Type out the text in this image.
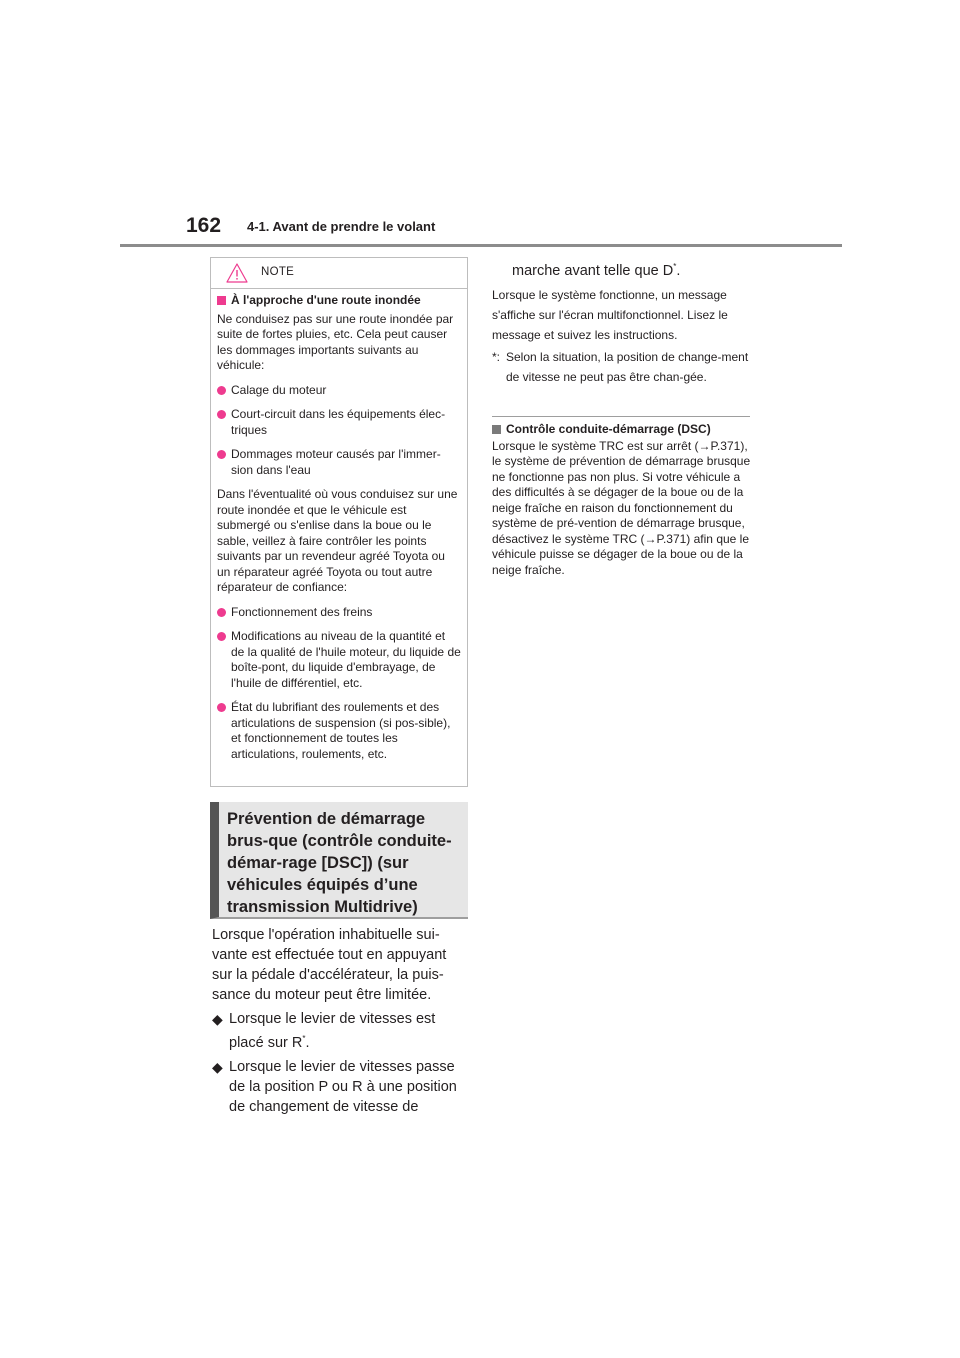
162 4-1. Avant de prendre le volant
NOTE
À l'approche d'une route inondée

Ne conduisez pas sur une route inondée par suite de fortes pluies, etc. Cela peut causer les dommages importants suivants au véhicule:

Calage du moteur
Court-circuit dans les équipements élec-triques
Dommages moteur causés par l'immer-sion dans l'eau

Dans l'éventualité où vous conduisez sur une route inondée et que le véhicule est submergé ou s'enlise dans la boue ou le sable, veillez à faire contrôler les points suivants par un revendeur agréé Toyota ou un réparateur agréé Toyota ou tout autre réparateur de confiance:

Fonctionnement des freins
Modifications au niveau de la quantité et de la qualité de l'huile moteur, du liquide de boîte-pont, du liquide d'embrayage, de l'huile de différentiel, etc.
État du lubrifiant des roulements et des articulations de suspension (si pos-sible), et fonctionnement de toutes les articulations, roulements, etc.
Prévention de démarrage brus-que (contrôle conduite-démar-rage [DSC]) (sur véhicules équipés d’une transmission Multidrive)

Lorsque l'opération inhabituelle sui-vante est effectuée tout en appuyant sur la pédale d'accélérateur, la puis-sance du moteur peut être limitée.

◆ Lorsque le levier de vitesses est placé sur R*.
◆ Lorsque le levier de vitesses passe de la position P ou R à une position de changement de vitesse de
marche avant telle que D*.

Lorsque le système fonctionne, un message s'affiche sur l'écran multifonctionnel. Lisez le message et suivez les instructions.

*: Selon la situation, la position de change-ment de vitesse ne peut pas être chan-gée.
Contrôle conduite-démarrage (DSC)

Lorsque le système TRC est sur arrêt (→P.371), le système de prévention de démarrage brusque ne fonctionne pas non plus. Si votre véhicule a des difficultés à se dégager de la boue ou de la neige fraîche en raison du fonctionnement du système de pré-vention de démarrage brusque, désactivez le système TRC (→P.371) afin que le véhicule puisse se dégager de la boue ou de la neige fraîche.
